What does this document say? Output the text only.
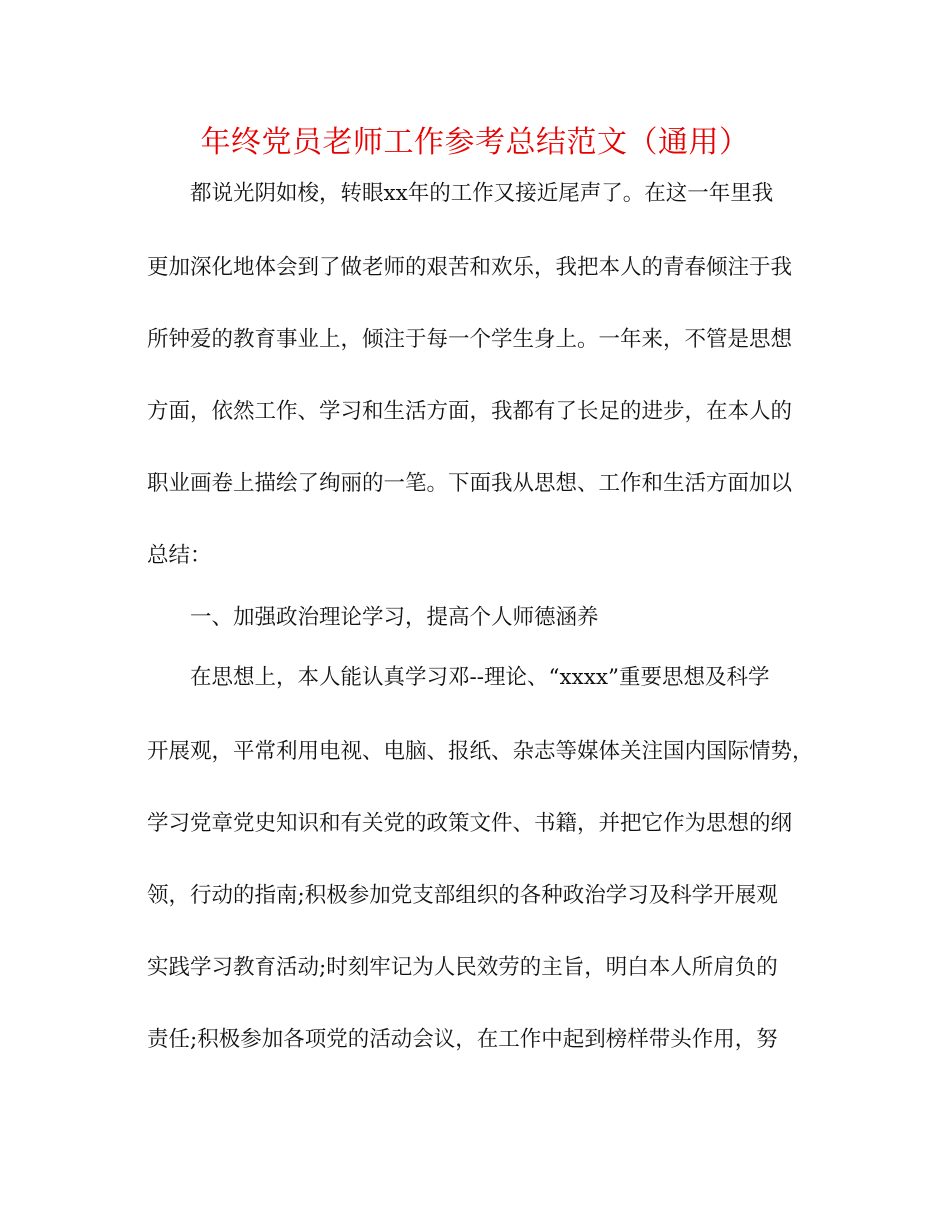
年终党员老师工作参考总结范文（通用）

都说光阴如梭，转眼xx年的工作又接近尾声了。在这一年里我

更加深化地体会到了做老师的艰苦和欢乐，我把本人的青春倾注于我

所钟爱的教育事业上，倾注于每一个学生身上。一年来，不管是思想

方面，依然工作、学习和生活方面，我都有了长足的进步，在本人的

职业画卷上描绘了绚丽的一笔。下面我从思想、工作和生活方面加以

总结：

一、加强政治理论学习，提高个人师德涵养

在思想上，本人能认真学习邓--理论、“xxxx”重要思想及科学

开展观，平常利用电视、电脑、报纸、杂志等媒体关注国内国际情势，

学习党章党史知识和有关党的政策文件、书籍，并把它作为思想的纲

领，行动的指南;积极参加党支部组织的各种政治学习及科学开展观

实践学习教育活动;时刻牢记为人民效劳的主旨，明白本人所肩负的

责任;积极参加各项党的活动会议，在工作中起到榜样带头作用，努
